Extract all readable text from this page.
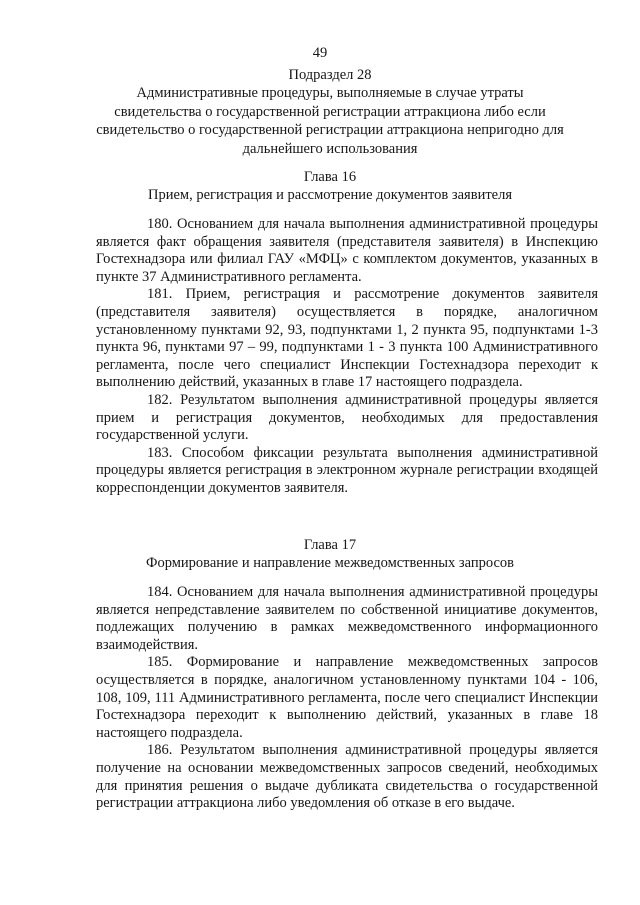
49
Подраздел 28
Административные процедуры, выполняемые в случае утраты
свидетельства о государственной регистрации аттракциона либо если
свидетельство о государственной регистрации аттракциона непригодно для
дальнейшего использования
Глава 16
Прием, регистрация и рассмотрение документов заявителя

180. Основанием для начала выполнения административной процедуры является факт обращения заявителя (представителя заявителя) в Инспекцию Гостехнадзора или филиал ГАУ «МФЦ» с комплектом документов, указанных в пункте 37 Административного регламента.

181. Прием, регистрация и рассмотрение документов заявителя (представителя заявителя) осуществляется в порядке, аналогичном установленному пунктами 92, 93, подпунктами 1, 2 пункта 95, подпунктами 1-3 пункта 96, пунктами 97 – 99, подпунктами 1 - 3 пункта 100 Административного регламента, после чего специалист Инспекции Гостехнадзора переходит к выполнению действий, указанных в главе 17 настоящего подраздела.

182. Результатом выполнения административной процедуры является прием и регистрация документов, необходимых для предоставления государственной услуги.

183. Способом фиксации результата выполнения административной процедуры является регистрация в электронном журнале регистрации входящей корреспонденции документов заявителя.

Глава 17
Формирование и направление межведомственных запросов

184. Основанием для начала выполнения административной процедуры является непредставление заявителем по собственной инициативе документов, подлежащих получению в рамках межведомственного информационного взаимодействия.

185. Формирование и направление межведомственных запросов осуществляется в порядке, аналогичном установленному пунктами 104 - 106, 108, 109, 111 Административного регламента, после чего специалист Инспекции Гостехнадзора переходит к выполнению действий, указанных в главе 18 настоящего подраздела.

186. Результатом выполнения административной процедуры является получение на основании межведомственных запросов сведений, необходимых для принятия решения о выдаче дубликата свидетельства о государственной регистрации аттракциона либо уведомления об отказе в его выдаче.
